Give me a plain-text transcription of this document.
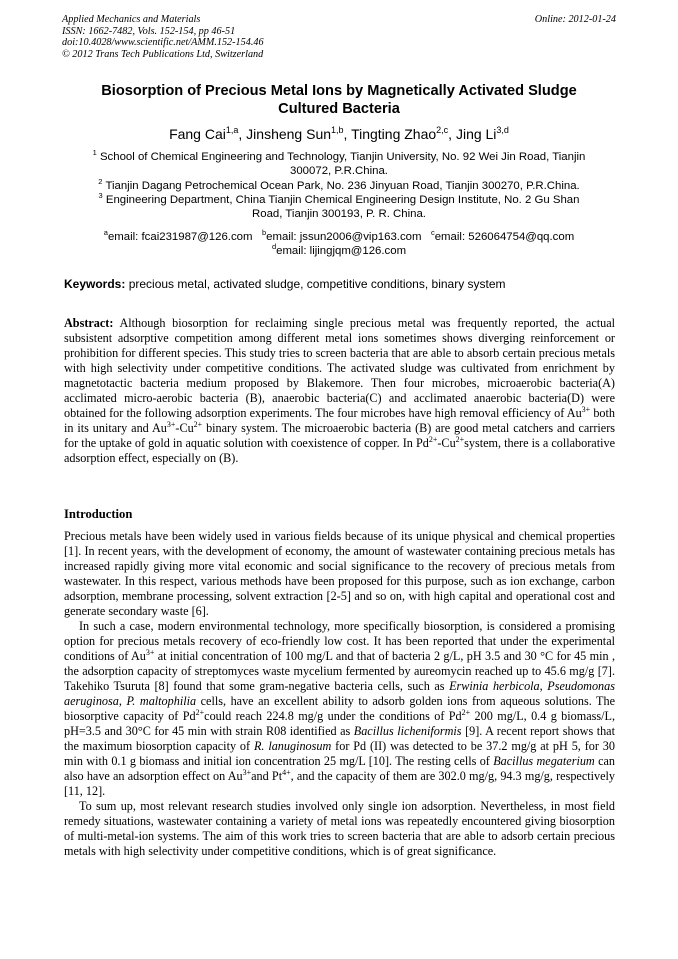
Applied Mechanics and Materials
ISSN: 1662-7482, Vols. 152-154, pp 46-51
doi:10.4028/www.scientific.net/AMM.152-154.46
© 2012 Trans Tech Publications Ltd, Switzerland
Online: 2012-01-24
Biosorption of Precious Metal Ions by Magnetically Activated Sludge
Cultured Bacteria
Fang Cai$^{1,a}$, Jinsheng Sun$^{1,b}$, Tingting Zhao$^{2,c}$, Jing Li$^{3,d}$
$^1$ School of Chemical Engineering and Technology, Tianjin University, No. 92 Wei Jin Road, Tianjin
300072, P.R.China.
$^2$ Tianjin Dagang Petrochemical Ocean Park, No. 236 Jinyuan Road, Tianjin 300270, P.R.China.
$^3$ Engineering Department, China Tianjin Chemical Engineering Design Institute, No. 2 Gu Shan
Road, Tianjin 300193, P. R. China.
$^a$email: fcai231987@126.com $^b$email: jssun2006@vip163.com $^c$email: 526064754@qq.com
$^d$email: lijingjqm@126.com
Keywords: precious metal, activated sludge, competitive conditions, binary system
Abstract: Although biosorption for reclaiming single precious metal was frequently reported, the actual subsistent adsorptive competition among different metal ions sometimes shows diverging reinforcement or prohibition for different species. This study tries to screen bacteria that are able to absorb certain precious metals with high selectivity under competitive conditions. The activated sludge was cultivated from enrichment by magnetotactic bacteria medium proposed by Blakemore. Then four microbes, microaerobic bacteria(A) acclimated micro-aerobic bacteria (B), anaerobic bacteria(C) and acclimated anaerobic bacteria(D) were obtained for the following adsorption experiments. The four microbes have high removal efficiency of $Au^{3+}$ both in its unitary and $Au^{3+}-Cu^{2+}$ binary system. The microaerobic bacteria (B) are good metal catchers and carriers for the uptake of gold in aquatic solution with coexistence of copper. In $Pd^{2+}-Cu^{2+}system$, there is a collaborative adsorption effect, especially on (B).
Introduction

Precious metals have been widely used in various fields because of its unique physical and chemical properties [1]. In recent years, with the development of economy, the amount of wastewater containing precious metals has increased rapidly giving more vital economic and social significance to the recovery of precious metals from wastewater. In this respect, various methods have been proposed for this purpose, such as ion exchange, carbon adsorption, membrane processing, solvent extraction [2-5] and so on, with high capital and operational cost and generate secondary waste [6].

In such a case, modern environmental technology, more specifically biosorption, is considered a promising option for precious metals recovery of eco-friendly low cost. It has been reported that under the experimental conditions of $Au^{3+}$ at initial concentration of 100 mg/L and that of bacteria 2 g/L, pH 3.5 and 30 °C for 45 min , the adsorption capacity of streptomyces waste mycelium fermented by aureomycin reached up to 45.6 mg/g [7]. Takehiko Tsuruta [8] found that some gram-negative bacteria cells, such as Erwinia herbicola, Pseudomonas aeruginosa, P. maltophilia cells, have an excellent ability to adsorb golden ions from aqueous solutions. The biosorptive capacity of $Pd^{2+}could$ reach 224.8 mg/g under the conditions of $Pd^{2+}$ 200 mg/L, 0.4 g biomass/L, pH=3.5 and 30°C for 45 min with strain R08 identified as Bacillus licheniformis [9]. A recent report shows that the maximum biosorption capacity of R. lanuginosum for Pd (II) was detected to be 37.2 mg/g at pH 5, for 30 min with 0.1 g biomass and initial ion concentration 25 mg/L [10]. The resting cells of Bacillus megaterium can also have an adsorption effect on $Au^{3+}and$ $Pt^{4+}$, and the capacity of them are 302.0 mg/g, 94.3 mg/g, respectively [11, 12].

To sum up, most relevant research studies involved only single ion adsorption. Nevertheless, in most field remedy situations, wastewater containing a variety of metal ions was repeatedly encountered giving biosorption of multi-metal-ion systems. The aim of this work tries to screen bacteria that are able to adsorb certain precious metals with high selectivity under competitive conditions, which is of great significance.
